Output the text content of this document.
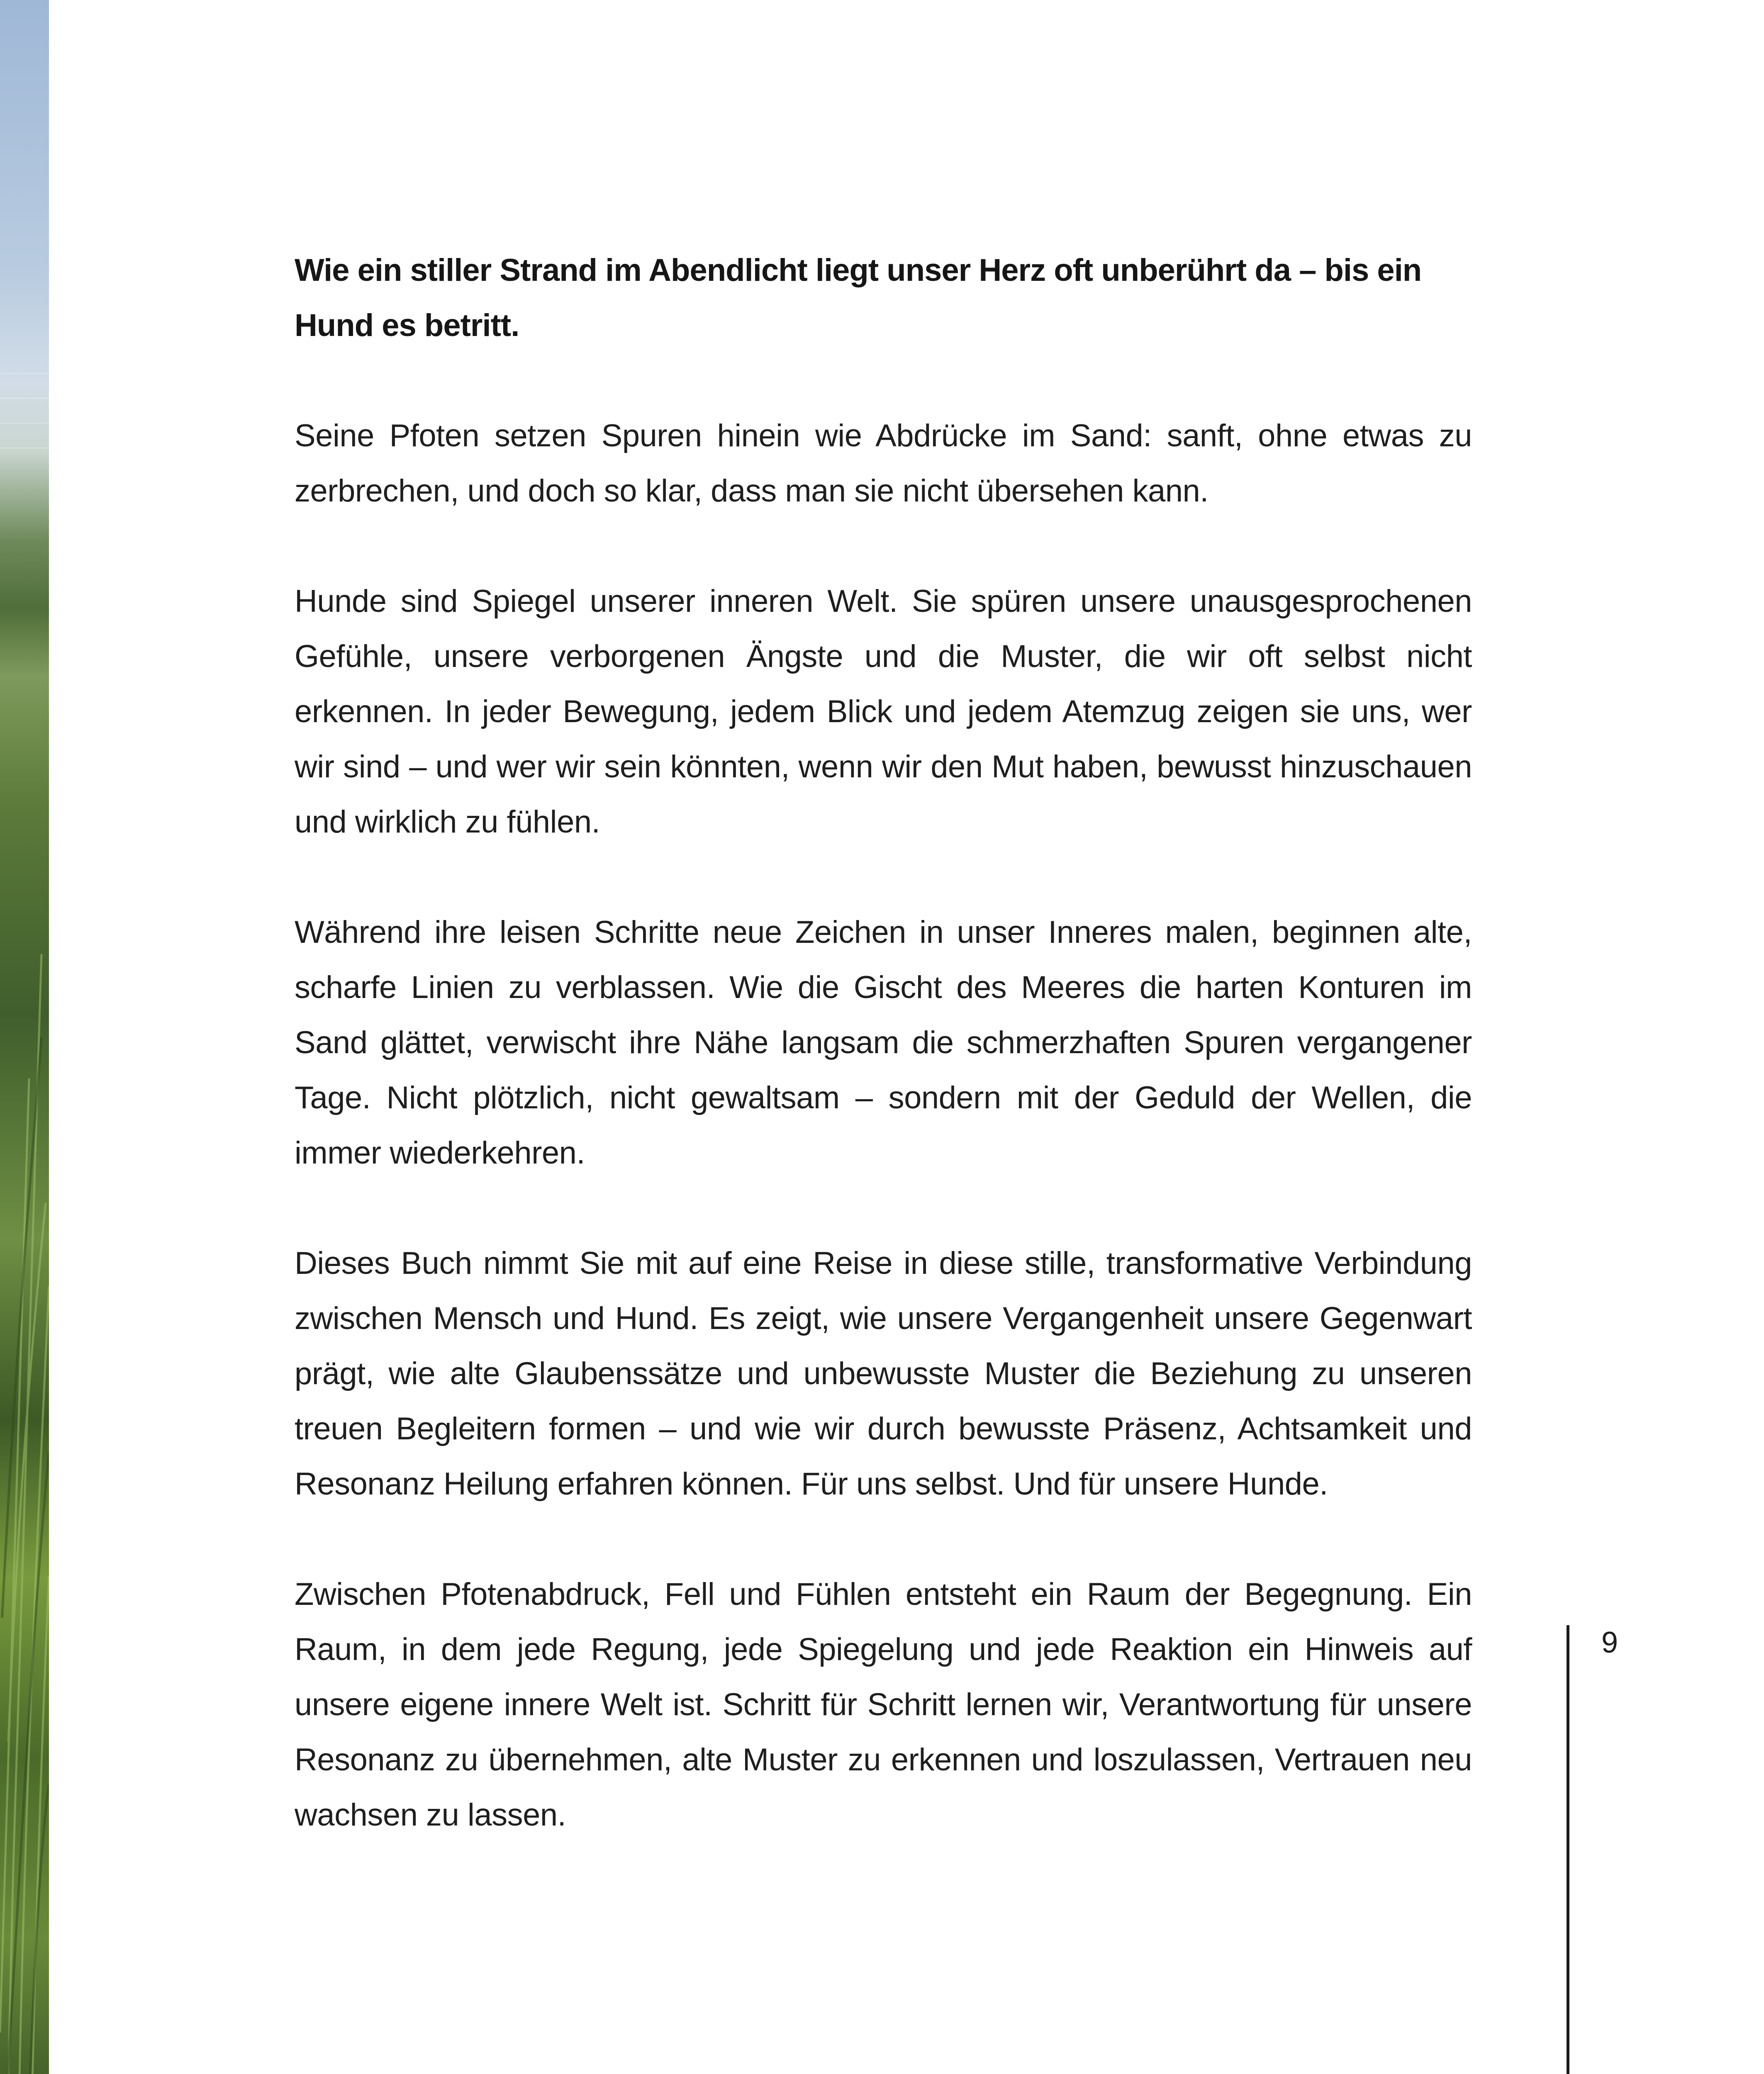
Wie ein stiller Strand im Abendlicht liegt unser Herz oft unberührt da – bis ein Hund es betritt.

Seine Pfoten setzen Spuren hinein wie Abdrücke im Sand: sanft, ohne etwas zu zerbrechen, und doch so klar, dass man sie nicht übersehen kann.

Hunde sind Spiegel unserer inneren Welt. Sie spüren unsere unausgesprochenen Gefühle, unsere verborgenen Ängste und die Muster, die wir oft selbst nicht erkennen. In jeder Bewegung, jedem Blick und jedem Atemzug zeigen sie uns, wer wir sind – und wer wir sein könnten, wenn wir den Mut haben, bewusst hinzuschauen und wirklich zu fühlen.

Während ihre leisen Schritte neue Zeichen in unser Inneres malen, beginnen alte, scharfe Linien zu verblassen. Wie die Gischt des Meeres die harten Konturen im Sand glättet, verwischt ihre Nähe langsam die schmerzhaften Spuren vergangener Tage. Nicht plötzlich, nicht gewaltsam – sondern mit der Geduld der Wellen, die immer wiederkehren.

Dieses Buch nimmt Sie mit auf eine Reise in diese stille, transformative Verbindung zwischen Mensch und Hund. Es zeigt, wie unsere Vergangenheit unsere Gegenwart prägt, wie alte Glaubenssätze und unbewusste Muster die Beziehung zu unseren treuen Begleitern formen – und wie wir durch bewusste Präsenz, Achtsamkeit und Resonanz Heilung erfahren können. Für uns selbst. Und für unsere Hunde.

Zwischen Pfotenabdruck, Fell und Fühlen entsteht ein Raum der Begegnung. Ein Raum, in dem jede Regung, jede Spiegelung und jede Reaktion ein Hinweis auf unsere eigene innere Welt ist. Schritt für Schritt lernen wir, Verantwortung für unsere Resonanz zu übernehmen, alte Muster zu erkennen und loszulassen, Vertrauen neu wachsen zu lassen.

9
